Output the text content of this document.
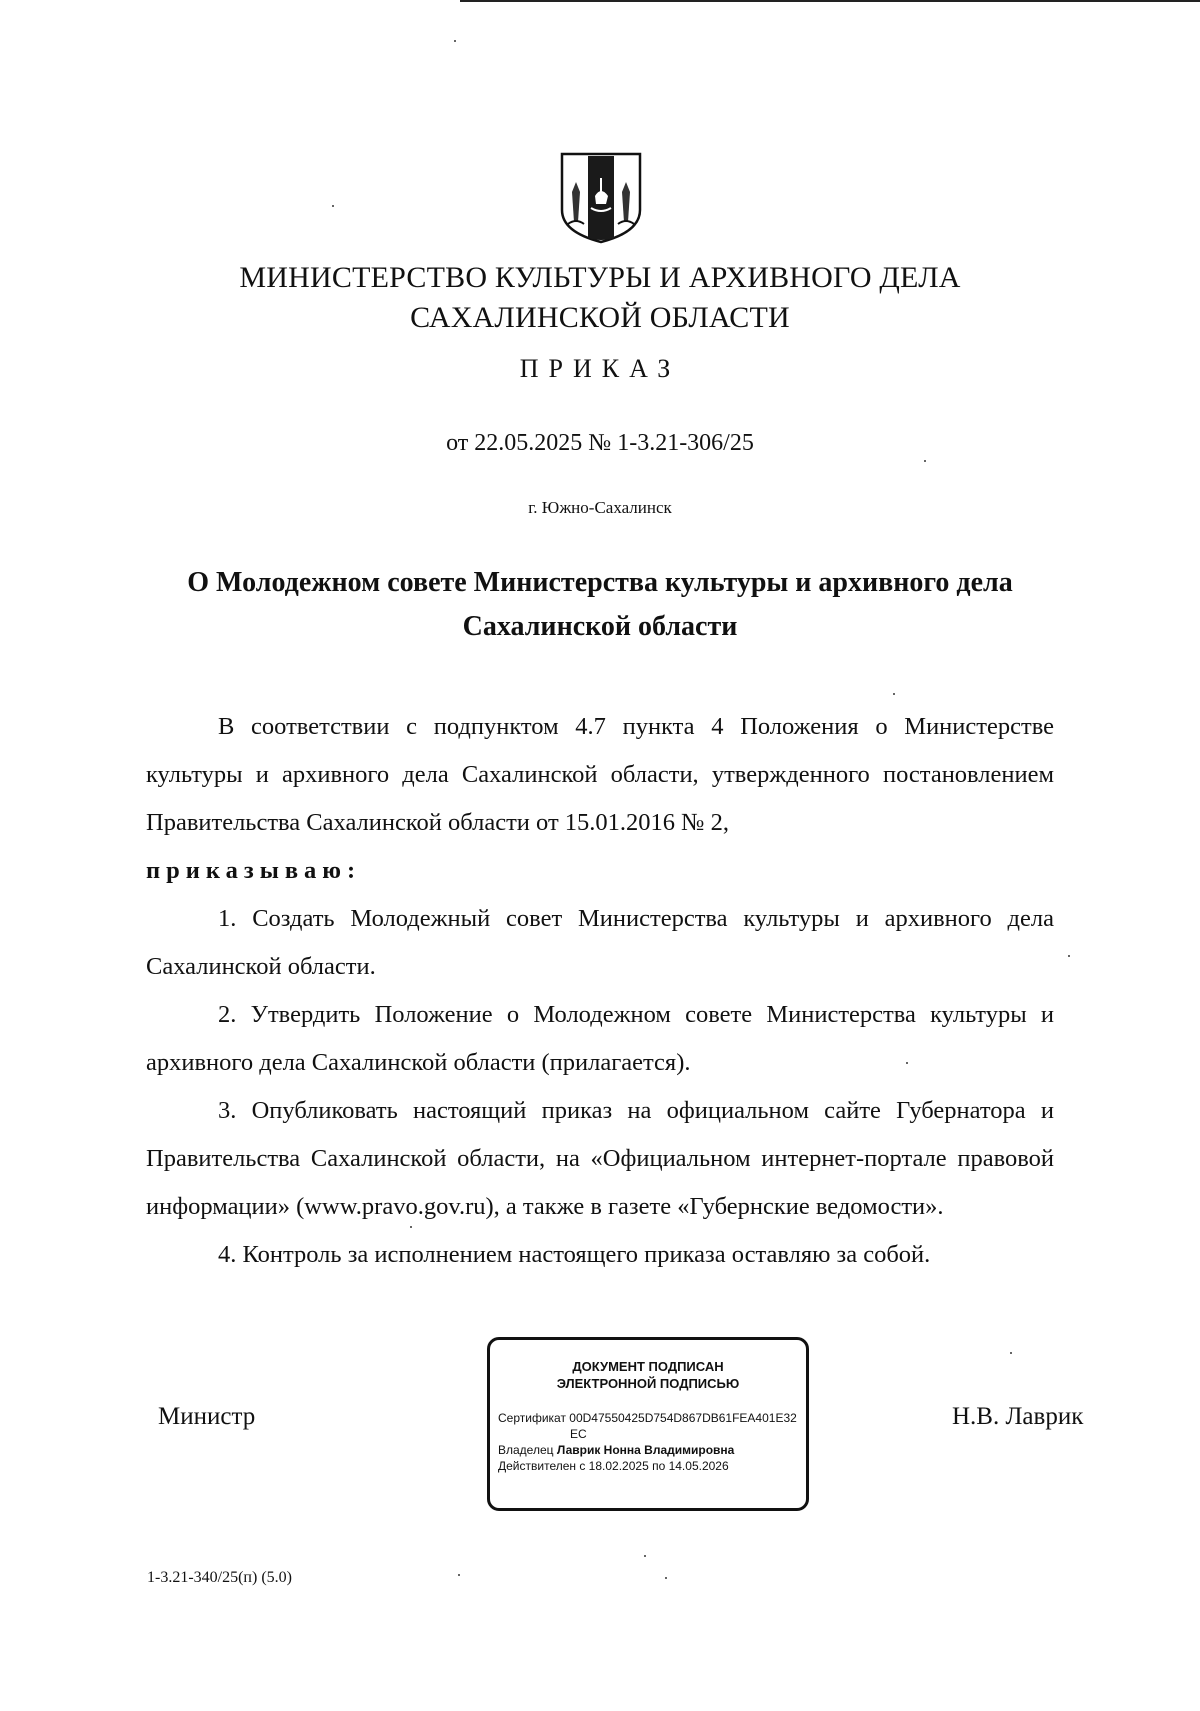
МИНИСТЕРСТВО КУЛЬТУРЫ И АРХИВНОГО ДЕЛА
САХАЛИНСКОЙ ОБЛАСТИ
ПРИКАЗ
от 22.05.2025 № 1-3.21-306/25
г. Южно-Сахалинск
О Молодежном совете Министерства культуры и архивного дела
Сахалинской области

В соответствии с подпунктом 4.7 пункта 4 Положения о Министерстве культуры и архивного дела Сахалинской области, утвержденного постановлением Правительства Сахалинской области от 15.01.2016 № 2,

приказываю:

1. Создать Молодежный совет Министерства культуры и архивного дела Сахалинской области.

2. Утвердить Положение о Молодежном совете Министерства культуры и архивного дела Сахалинской области (прилагается).

3. Опубликовать настоящий приказ на официальном сайте Губернатора и Правительства Сахалинской области, на «Официальном интернет-портале правовой информации» (www.pravo.gov.ru), а также в газете «Губернские ведомости».

4. Контроль за исполнением настоящего приказа оставляю за собой.

Министр
ДОКУМЕНТ ПОДПИСАН
ЭЛЕКТРОННОЙ ПОДПИСЬЮ
Сертификат 00D47550425D754D867DB61FEA401E32
EC
Владелец Лаврик Нонна Владимировна
Действителен с 18.02.2025 по 14.05.2026
Н.В. Лаврик
1-3.21-340/25(п) (5.0)
